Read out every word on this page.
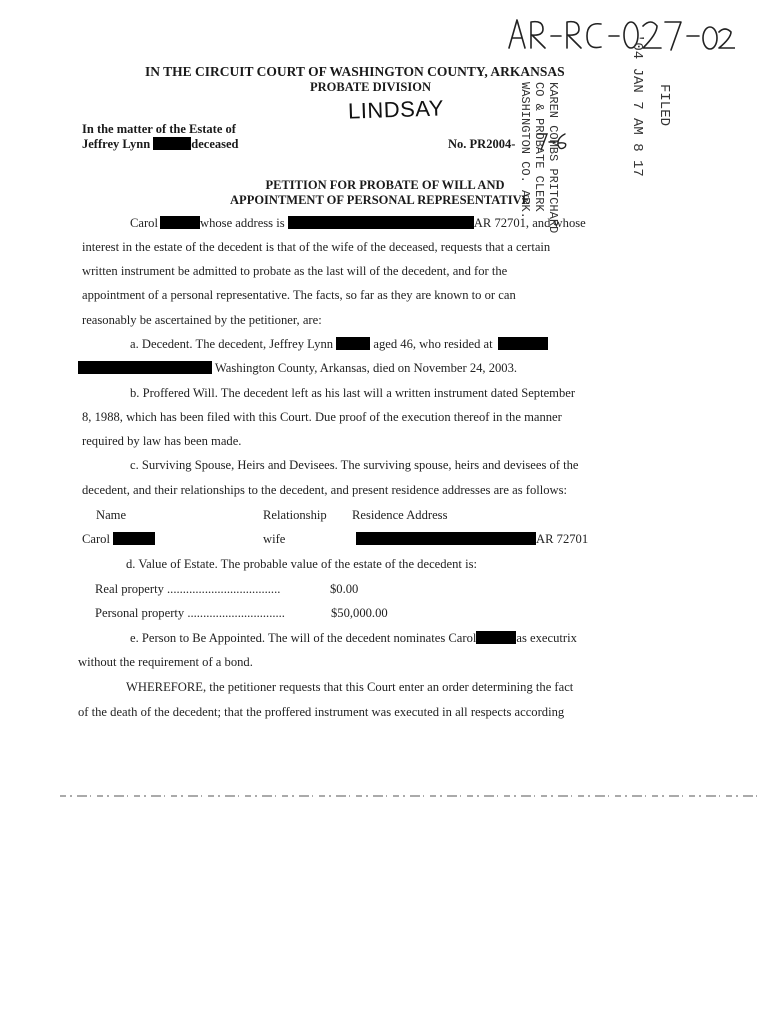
IN THE CIRCUIT COURT OF WASHINGTON COUNTY, ARKANSAS
PROBATE DIVISION
LINDSAY	KAREN COMBS PRITCHARD
CO & PROBATE CLERK
WASHINGTON CO. ARK.	'04 JAN 7 AM 8 17 FILED
In the matter of the Estate of
Jeffrey Lynn	deceased	No. PR2004-
PETITION FOR PROBATE OF WILL AND
APPOINTMENT OF PERSONAL REPRESENTATIVE
Carol	whose address is	AR 72701, and whose
interest in the estate of the decedent is that of the wife of the deceased, requests that a certain
written instrument be admitted to probate as the last will of the decedent, and for the
appointment of a personal representative. The facts, so far as they are known to or can
reasonably be ascertained by the petitioner, are:
a. Decedent. The decedent, Jeffrey Lynn	aged 46, who resided at
Washington County, Arkansas, died on November 24, 2003.
b. Proffered Will. The decedent left as his last will a written instrument dated September
8, 1988, which has been filed with this Court. Due proof of the execution thereof in the manner
required by law has been made.
c. Surviving Spouse, Heirs and Devisees. The surviving spouse, heirs and devisees of the
decedent, and their relationships to the decedent, and present residence addresses are as follows:
Name	Relationship Residence Address
Carol	wife	AR 72701
d. Value of Estate. The probable value of the estate of the decedent is:
Real property ....................................	$0.00
Personal property ...............................	$50,000.00
e. Person to Be Appointed. The will of the decedent nominates Carol	as executrix
without the requirement of a bond.
WHEREFORE, the petitioner requests that this Court enter an order determining the fact
of the death of the decedent; that the proffered instrument was executed in all respects according
